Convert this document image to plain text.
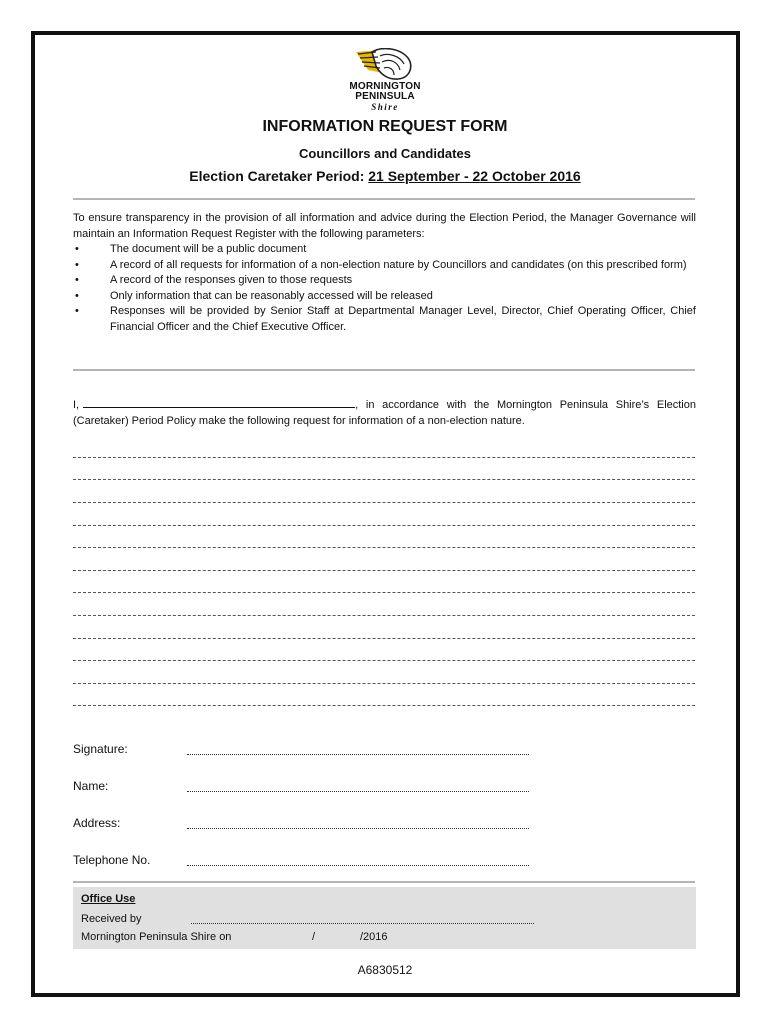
MORNINGTON
PENINSULA
Shire
INFORMATION REQUEST FORM
Councillors and Candidates
Election Caretaker Period: 21 September - 22 October 2016

To ensure transparency in the provision of all information and advice during the Election Period, the Manager Governance will maintain an Information Request Register with the following parameters:

•	The document will be a public document
•	A record of all requests for information of a non-election nature by Councillors and candidates (on this prescribed form)
•	A record of the responses given to those requests
•	Only information that can be reasonably accessed will be released
•	Responses will be provided by Senior Staff at Departmental Manager Level, Director, Chief Operating Officer, Chief Financial Officer and the Chief Executive Officer.
I,	, in accordance with the Mornington Peninsula Shire’s Election (Caretaker) Period Policy make the following request for information of a non-election nature.
Signature:
Name:
Address:
Telephone No.
Office Use
Received by
Mornington Peninsula Shire on	/	/2016
A6830512
